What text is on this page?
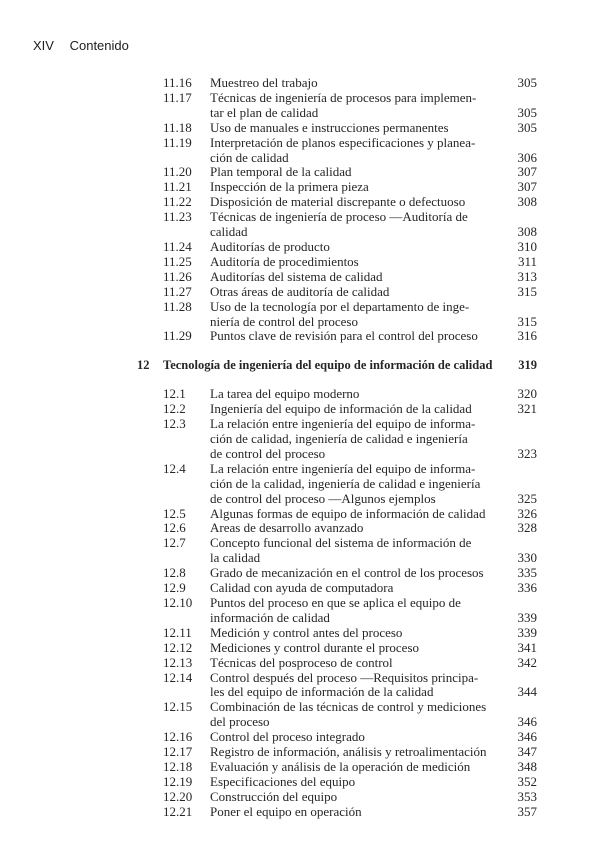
XIV Contenido
11.16 Muestreo del trabajo	305
11.17 Técnicas de ingeniería de procesos para implemen-
tar el plan de calidad	305
11.18 Uso de manuales e instrucciones permanentes	305
11.19 Interpretación de planos especificaciones y planea-
ción de calidad	306
11.20 Plan temporal de la calidad	307
11.21 Inspección de la primera pieza	307
11.22 Disposición de material discrepante o defectuoso	308
11.23 Técnicas de ingeniería de proceso —Auditoría de
calidad	308
11.24 Auditorías de producto	310
11.25 Auditoría de procedimientos	311
11.26 Auditorías del sistema de calidad	313
11.27 Otras áreas de auditoría de calidad	315
11.28 Uso de la tecnología por el departamento de inge-
niería de control del proceso	315
11.29 Puntos clave de revisión para el control del proceso	316
12 Tecnología de ingeniería del equipo de información de calidad	319
12.1 La tarea del equipo moderno	320
12.2 Ingeniería del equipo de información de la calidad	321
12.3 La relación entre ingeniería del equipo de informa-
ción de calidad, ingeniería de calidad e ingeniería
de control del proceso	323
12.4 La relación entre ingeniería del equipo de informa-
ción de la calidad, ingeniería de calidad e ingeniería
de control del proceso —Algunos ejemplos	325
12.5 Algunas formas de equipo de información de calidad	326
12.6 Areas de desarrollo avanzado	328
12.7 Concepto funcional del sistema de información de
la calidad	330
12.8 Grado de mecanización en el control de los procesos	335
12.9 Calidad con ayuda de computadora	336
12.10 Puntos del proceso en que se aplica el equipo de
información de calidad	339
12.11 Medición y control antes del proceso	339
12.12 Mediciones y control durante el proceso	341
12.13 Técnicas del posproceso de control	342
12.14 Control después del proceso —Requisitos principa-
les del equipo de información de la calidad	344
12.15 Combinación de las técnicas de control y mediciones
del proceso	346
12.16 Control del proceso integrado	346
12.17 Registro de información, análisis y retroalimentación	347
12.18 Evaluación y análisis de la operación de medición	348
12.19 Especificaciones del equipo	352
12.20 Construcción del equipo	353
12.21 Poner el equipo en operación	357
